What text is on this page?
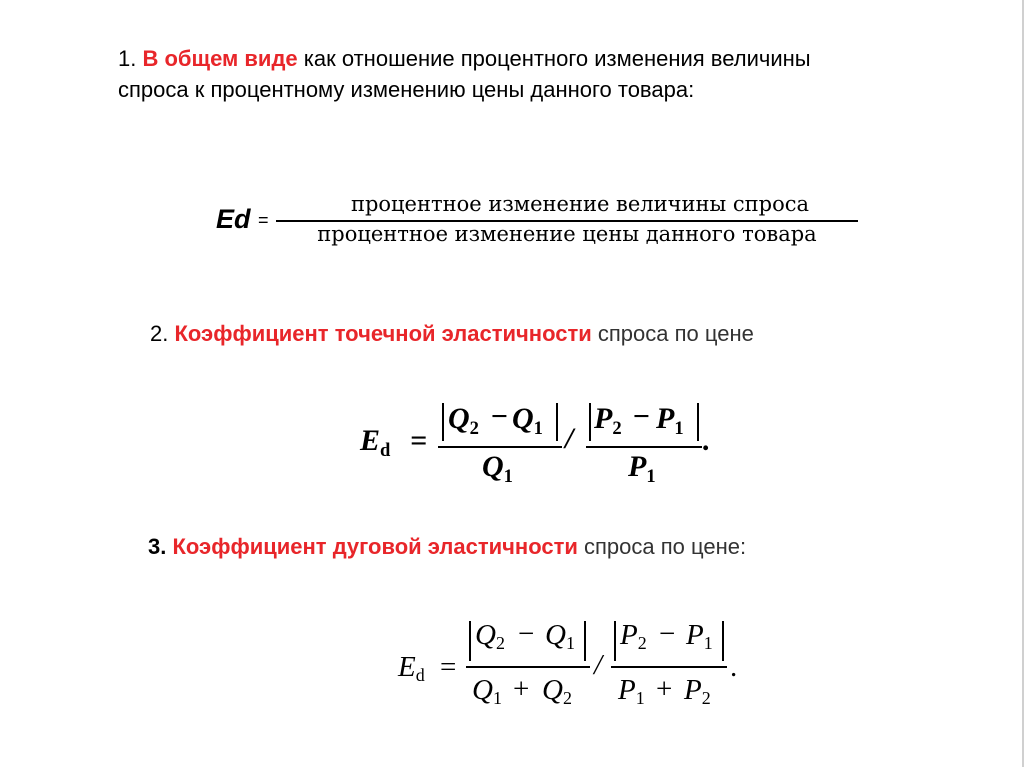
1. В общем виде как отношение процентного изменения величины спроса к процентному изменению цены данного товара:
Ed =
процентное изменение величины спроса
процентное изменение цены данного товара
2. Коэффициент точечной эластичности спроса по цене
Ed =
Q2 − Q1
Q1
/
P2 − P1
P1
.
3. Коэффициент дуговой эластичности спроса по цене:
Ed =
Q2 − Q1
Q1 + Q2
/
P2 − P1
P1 + P2
.
